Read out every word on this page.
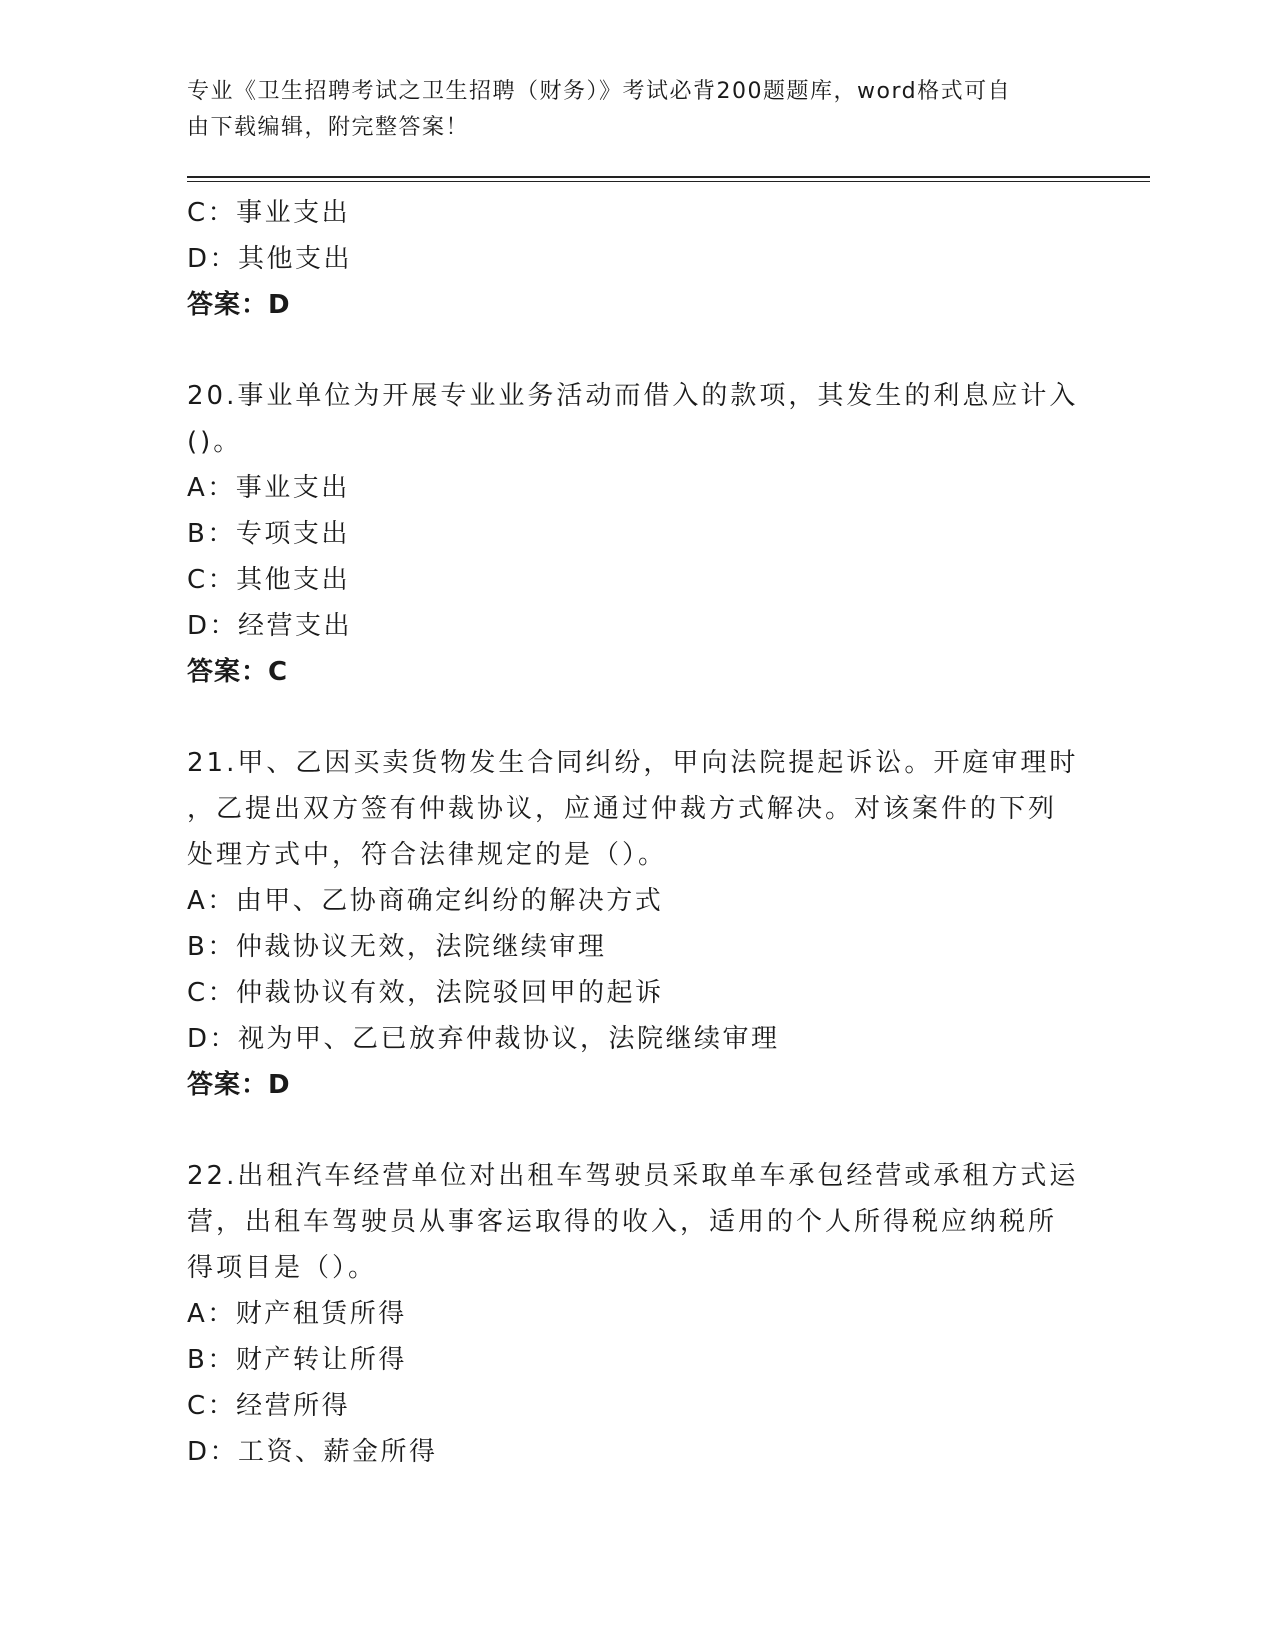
专业《卫生招聘考试之卫生招聘（财务）》考试必背200题题库，word格式可自
由下载编辑，附完整答案！
C：事业支出
D：其他支出
答案：D
20.事业单位为开展专业业务活动而借入的款项，其发生的利息应计入
()。
A：事业支出
B：专项支出
C：其他支出
D：经营支出
答案：C
21.甲、乙因买卖货物发生合同纠纷，甲向法院提起诉讼。开庭审理时
，乙提出双方签有仲裁协议，应通过仲裁方式解决。对该案件的下列
处理方式中，符合法律规定的是（）。
A：由甲、乙协商确定纠纷的解决方式
B：仲裁协议无效，法院继续审理
C：仲裁协议有效，法院驳回甲的起诉
D：视为甲、乙已放弃仲裁协议，法院继续审理
答案：D
22.出租汽车经营单位对出租车驾驶员采取单车承包经营或承租方式运
营，出租车驾驶员从事客运取得的收入，适用的个人所得税应纳税所
得项目是（）。
A：财产租赁所得
B：财产转让所得
C：经营所得
D：工资、薪金所得
